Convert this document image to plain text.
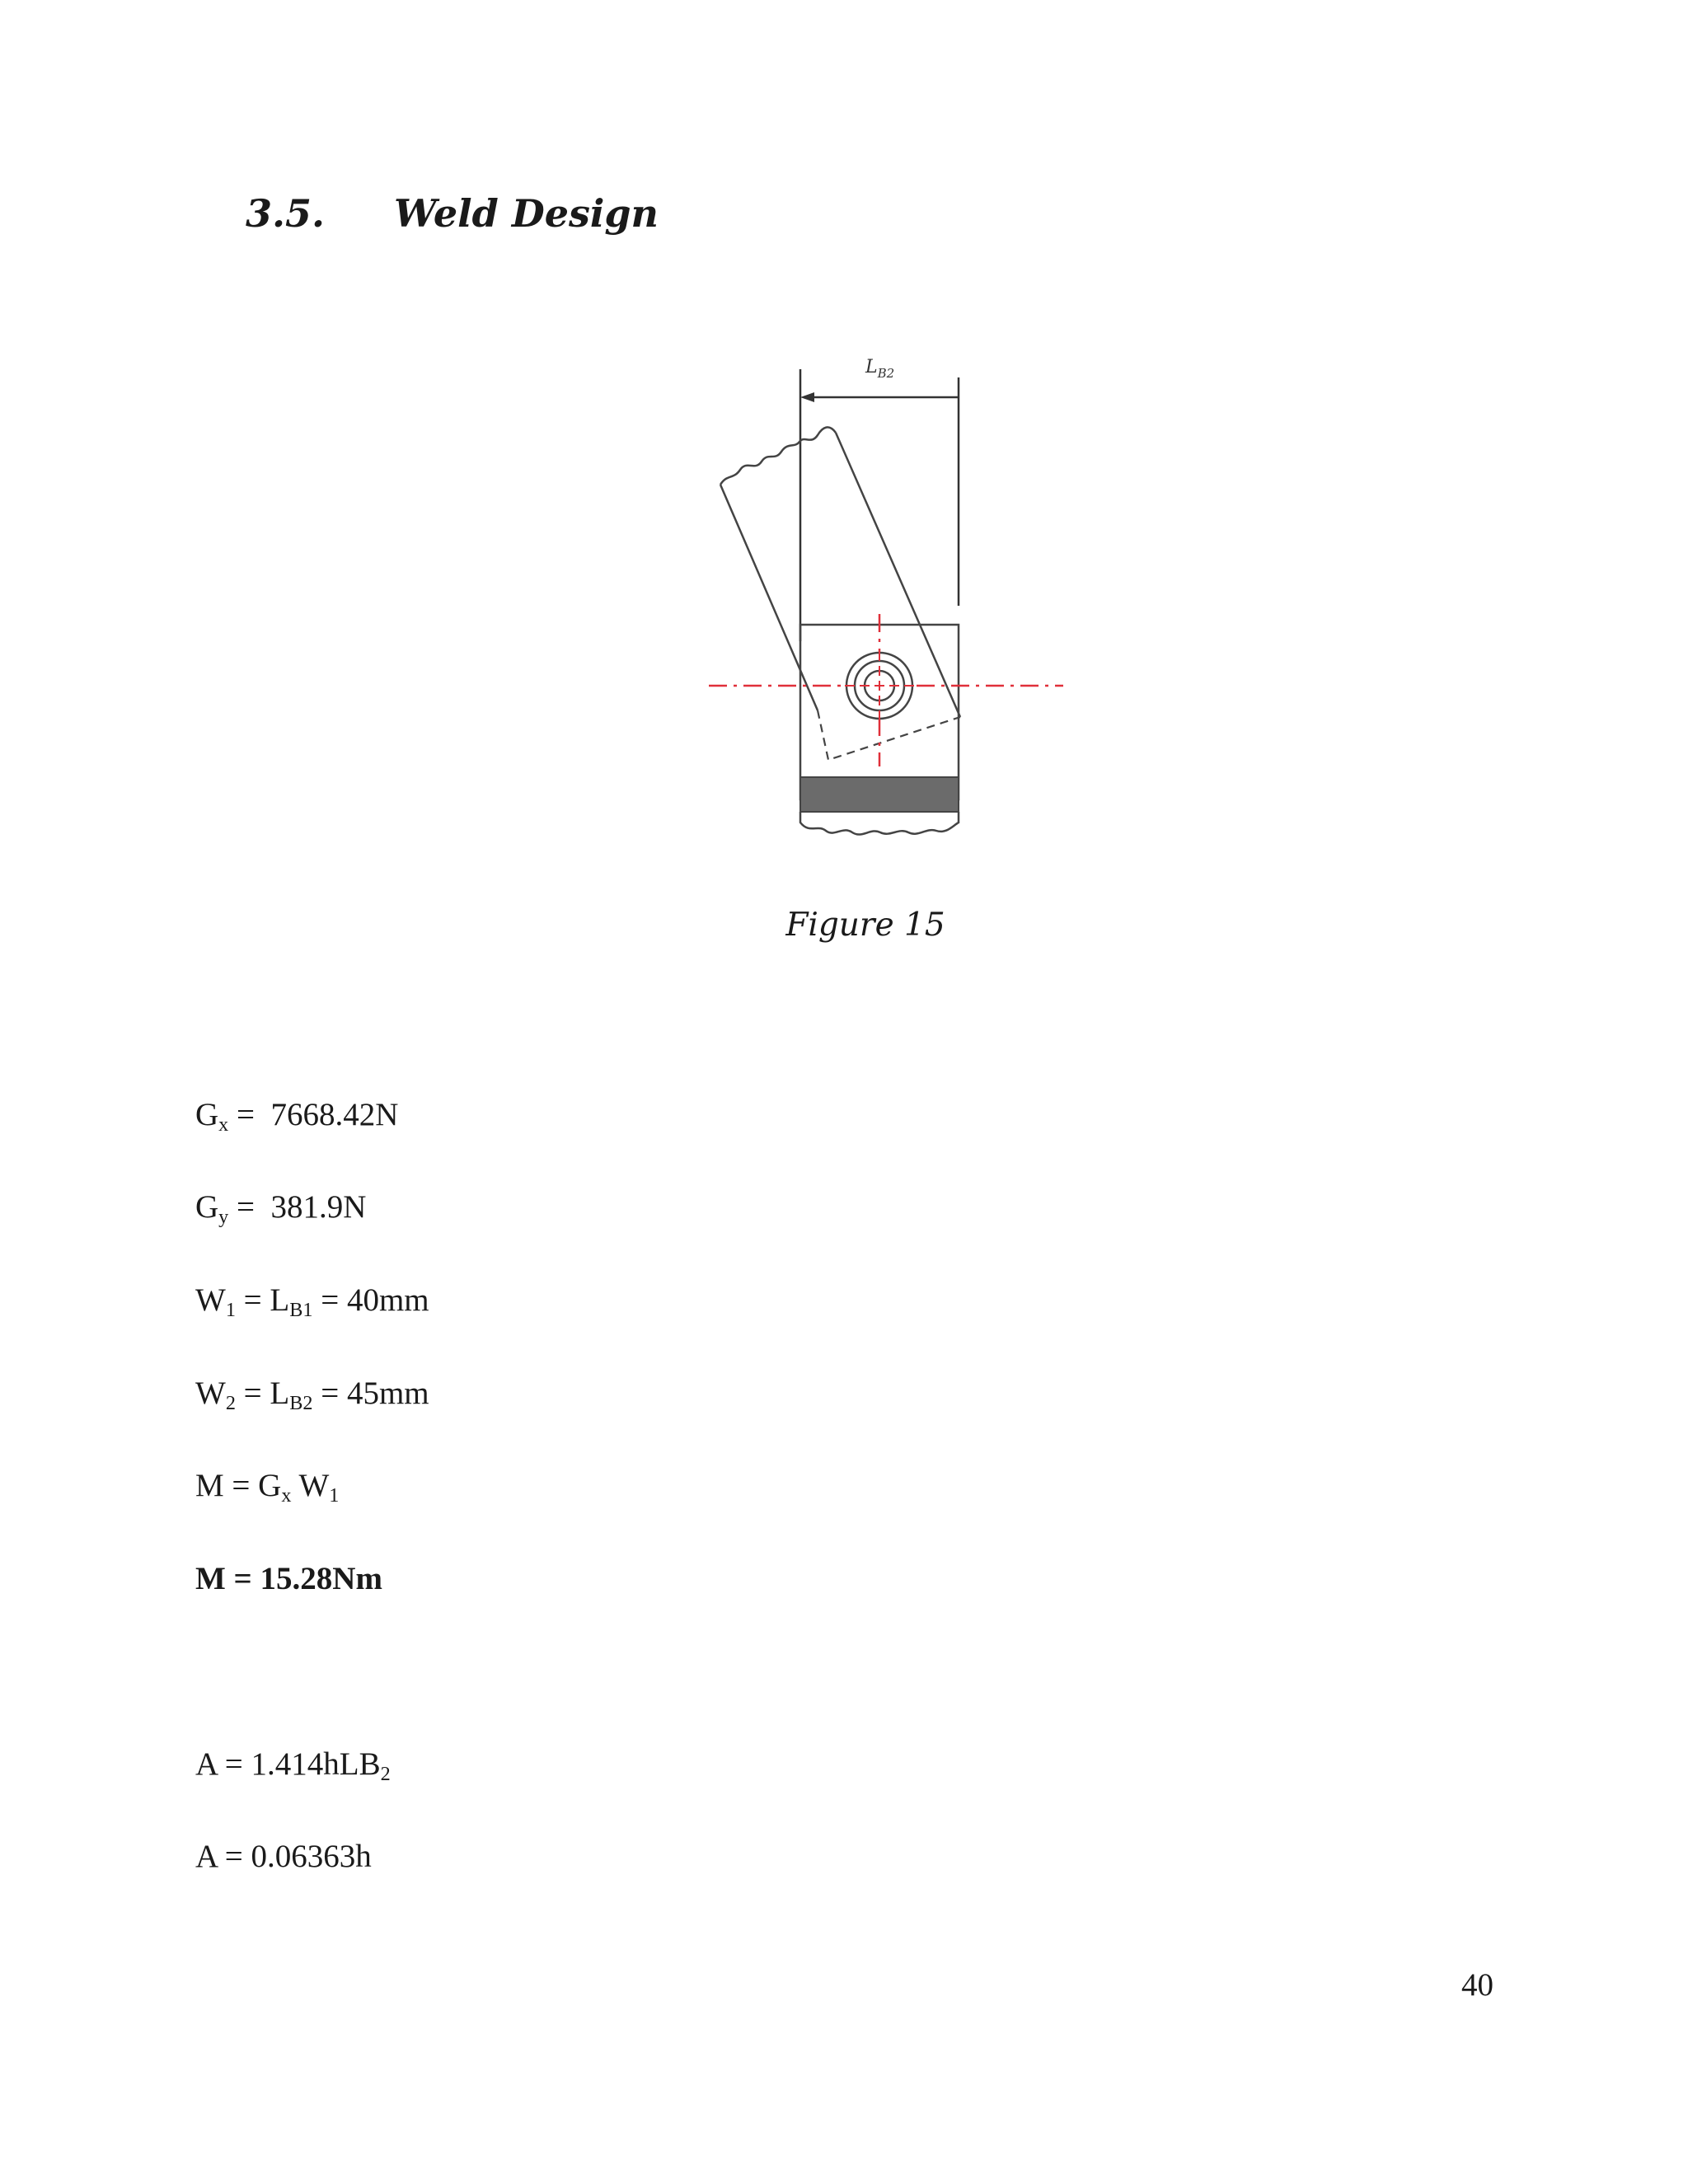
3.5. Weld Design
$L_{B2}$
Figure 15
$G_x = 7668.42N$
$G_y = 381.9N$
$W_1 = L_{B1} = 40mm$
$W_2 = L_{B2} = 45mm$
$M = G_x$ $W_1$
M = 15.28Nm
A = 1.414hLB$_2$
A = 0.06363h
40
